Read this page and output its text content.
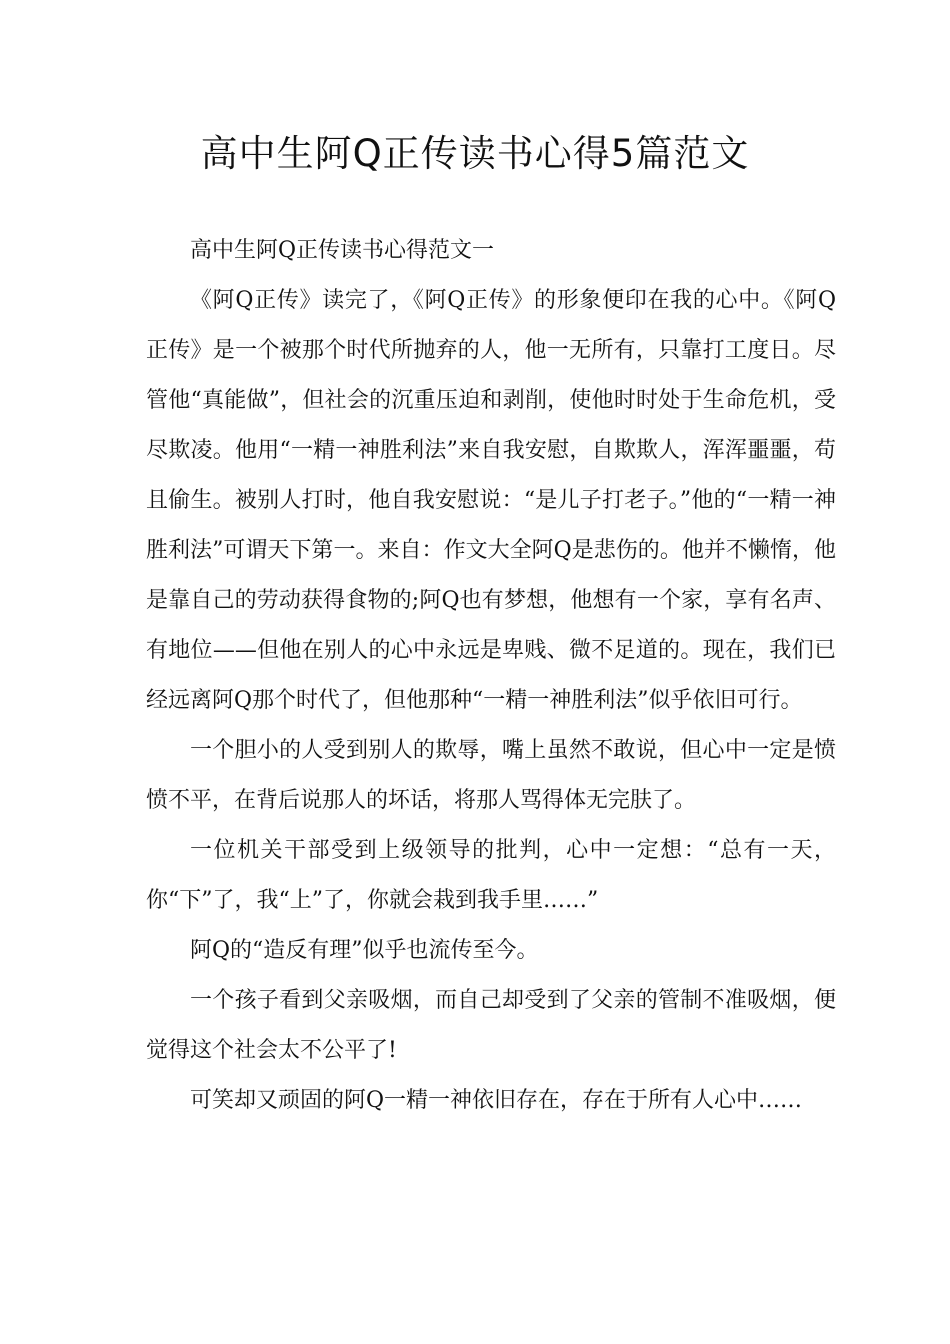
高中生阿Q正传读书心得5篇范文

高中生阿Q正传读书心得范文一

《阿Q正传》读完了，《阿Q正传》的形象便印在我的心中。《阿Q正传》是一个被那个时代所抛弃的人，他一无所有，只靠打工度日。尽管他“真能做”，但社会的沉重压迫和剥削，使他时时处于生命危机，受尽欺凌。他用“一精一神胜利法”来自我安慰，自欺欺人，浑浑噩噩，苟且偷生。被别人打时，他自我安慰说：“是儿子打老子。”他的“一精一神胜利法”可谓天下第一。来自：作文大全阿Q是悲伤的。他并不懒惰，他是靠自己的劳动获得食物的;阿Q也有梦想，他想有一个家，享有名声、有地位——但他在别人的心中永远是卑贱、微不足道的。现在，我们已经远离阿Q那个时代了，但他那种“一精一神胜利法”似乎依旧可行。

一个胆小的人受到别人的欺辱，嘴上虽然不敢说，但心中一定是愤愤不平，在背后说那人的坏话，将那人骂得体无完肤了。

一位机关干部受到上级领导的批判，心中一定想：“总有一天，你“下”了，我“上”了，你就会栽到我手里……”

阿Q的“造反有理”似乎也流传至今。

一个孩子看到父亲吸烟，而自己却受到了父亲的管制不准吸烟，便觉得这个社会太不公平了!

可笑却又顽固的阿Q一精一神依旧存在，存在于所有人心中……
